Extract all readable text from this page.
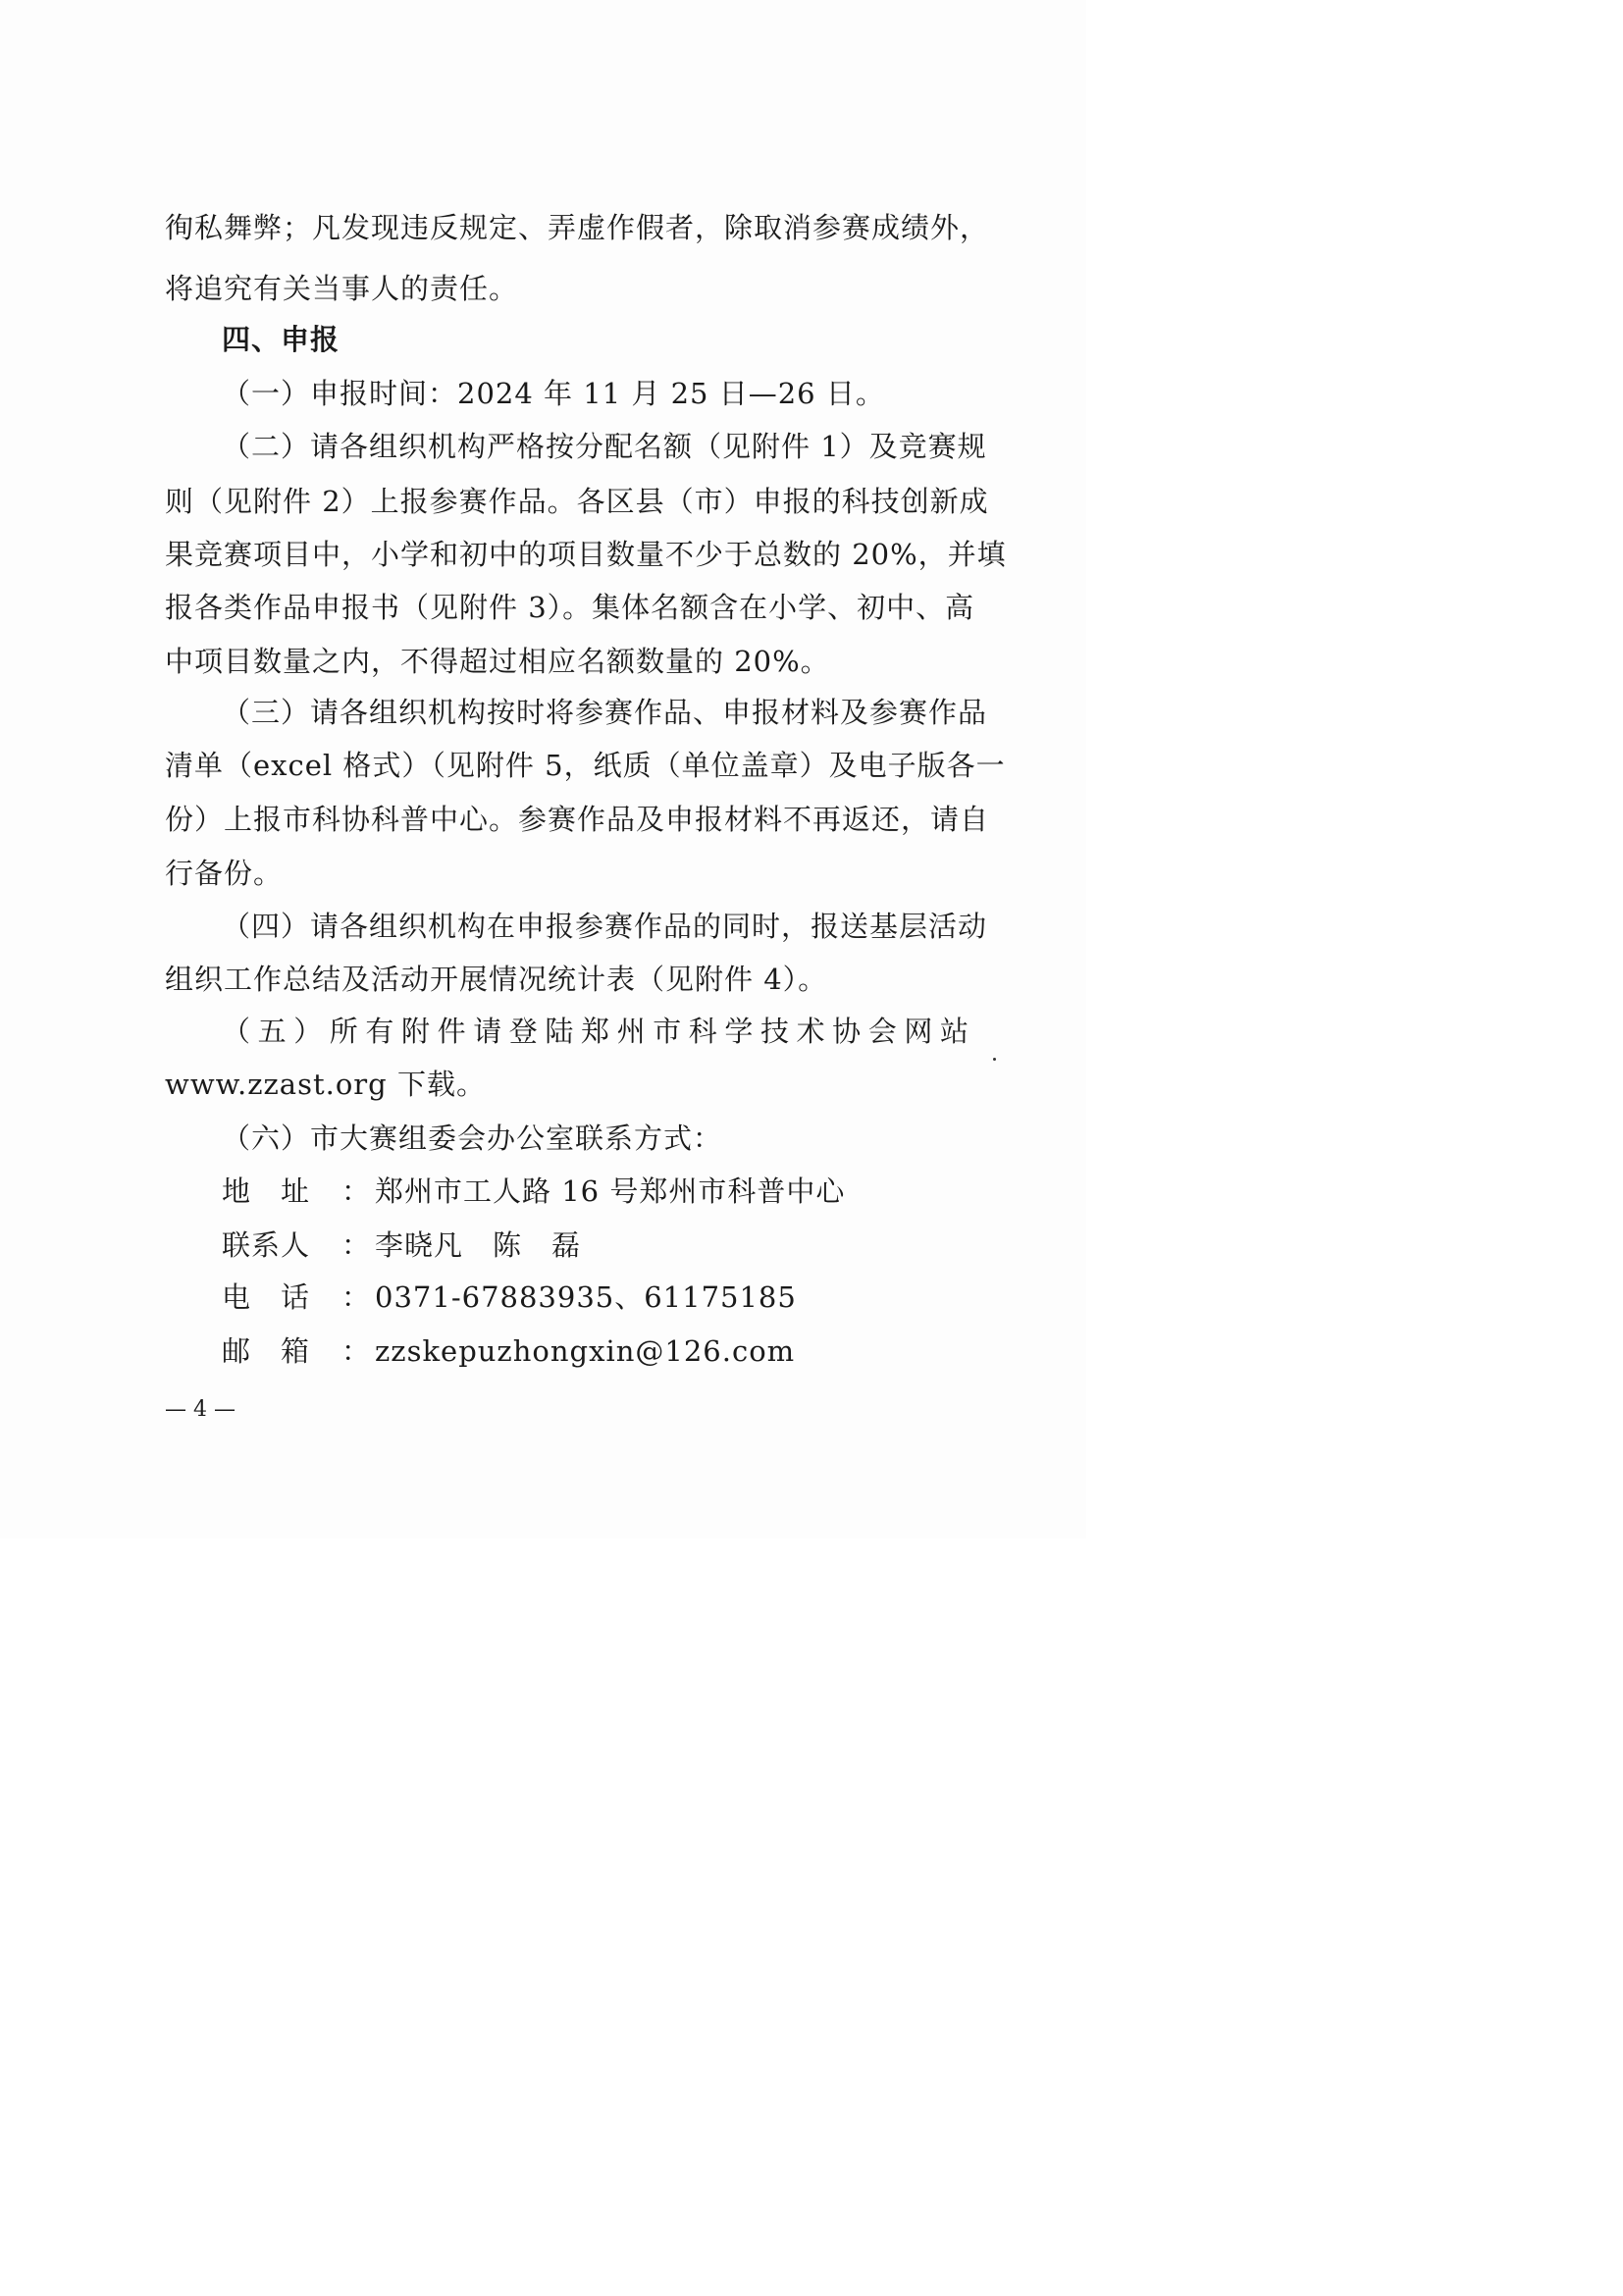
徇私舞弊；凡发现违反规定、弄虚作假者，除取消参赛成绩外，
将追究有关当事人的责任。
四、申报
（一）申报时间：2024 年 11 月 25 日—26 日。
（二）请各组织机构严格按分配名额（见附件 1）及竞赛规
则（见附件 2）上报参赛作品。各区县（市）申报的科技创新成
果竞赛项目中，小学和初中的项目数量不少于总数的 20%，并填
报各类作品申报书（见附件 3）。集体名额含在小学、初中、高
中项目数量之内，不得超过相应名额数量的 20%。
（三）请各组织机构按时将参赛作品、申报材料及参赛作品
清单（excel 格式）（见附件 5，纸质（单位盖章）及电子版各一
份）上报市科协科普中心。参赛作品及申报材料不再返还，请自
行备份。
（四）请各组织机构在申报参赛作品的同时，报送基层活动
组织工作总结及活动开展情况统计表（见附件 4）。
（五）所有附件请登陆郑州市科学技术协会网站
www.zzast.org 下载。
（六）市大赛组委会办公室联系方式：
地　址 ： 郑州市工人路 16 号郑州市科普中心
联系人 ： 李晓凡 陈　磊
电　话 ： 0371-67883935、61175185
邮　箱 ： zzskepuzhongxin@126.com
— 4 —
